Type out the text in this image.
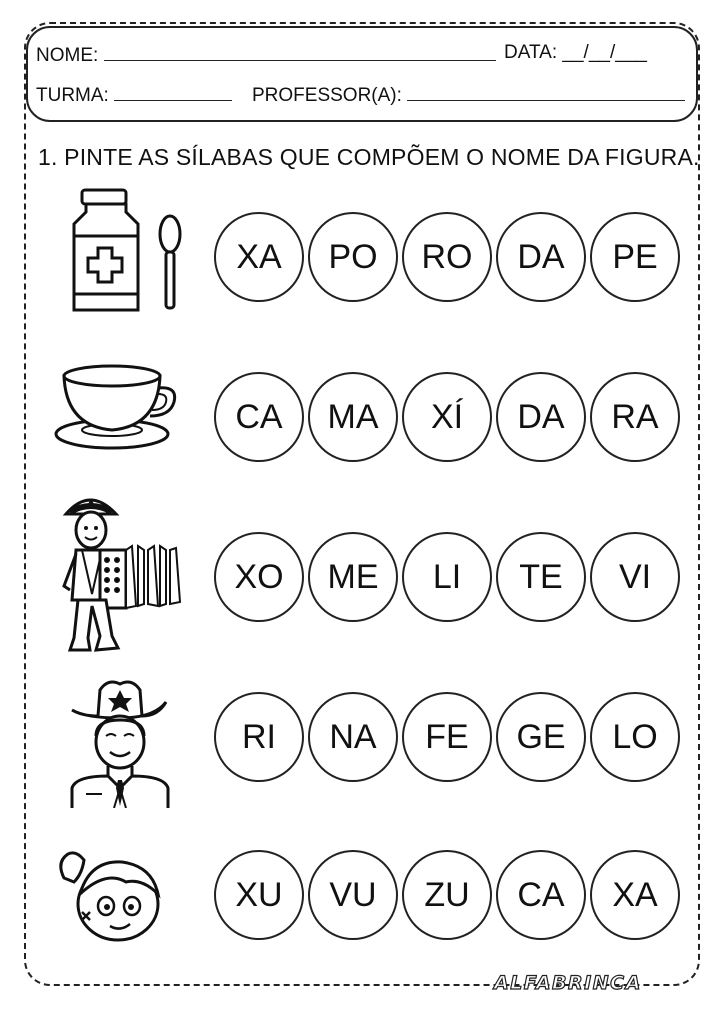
NOME:	DATA: __/__/___
TURMA:	PROFESSOR(A):
1. PINTE AS SÍLABAS QUE COMPÕEM O NOME DA FIGURA.
XA	PO	RO	DA	PE
CA	MA	XÍ	DA	RA
XO	ME	LI	TE	VI
RI	NA	FE	GE	LO
XU	VU	ZU	CA	XA
ALFABRINCA
